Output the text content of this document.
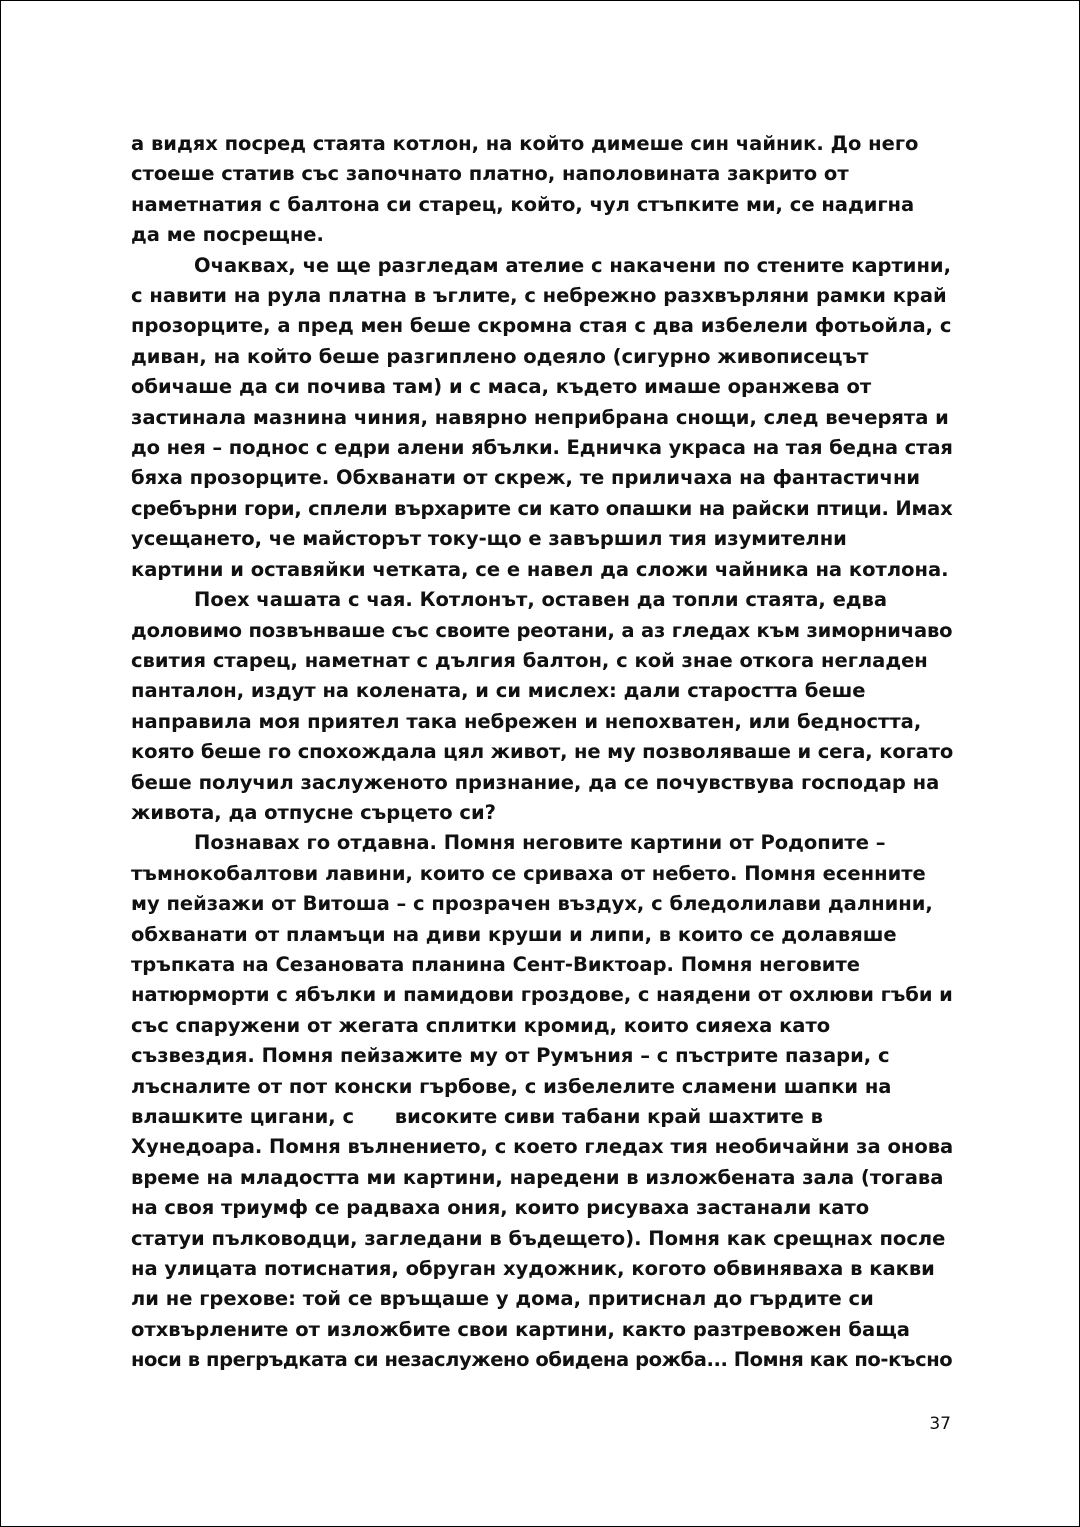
а видях посред стаята котлон, на който димеше син чайник. До него
стоеше статив със започнато платно, наполовината закрито от
наметнатия с балтона си старец, който, чул стъпките ми, се надигна
да ме посрещне.
Очаквах, че ще разгледам ателие с накачени по стените картини,
с навити на рула платна в ъглите, с небрежно разхвърляни рамки край
прозорците, а пред мен беше скромна стая с два избелели фотьойла, с
диван, на който беше разгиплено одеяло (сигурно живописецът
обичаше да си почива там) и с маса, където имаше оранжева от
застинала мазнина чиния, навярно неприбрана снощи, след вечерята и
до нея – поднос с едри алени ябълки. Едничка украса на тая бедна стая
бяха прозорците. Обхванати от скреж, те приличаха на фантастични
сребърни гори, сплели върхарите си като опашки на райски птици. Имах
усещането, че майсторът току-що е завършил тия изумителни
картини и оставяйки четката, се е навел да сложи чайника на котлона.
Поех чашата с чая. Котлонът, оставен да топли стаята, едва
доловимо позвънваше със своите реотани, а аз гледах към зиморничаво
свития старец, наметнат с дългия балтон, с кой знае откога негладен
панталон, издут на колената, и си мислех: дали старостта беше
направила моя приятел така небрежен и непохватен, или бедността,
която беше го спохождала цял живот, не му позволяваше и сега, когато
беше получил заслуженото признание, да се почувствува господар на
живота, да отпусне сърцето си?
Познавах го отдавна. Помня неговите картини от Родопите –
тъмнокобалтови лавини, които се сриваха от небето. Помня есенните
му пейзажи от Витоша – с прозрачен въздух, с бледолилави далнини,
обхванати от пламъци на диви круши и липи, в които се долавяше
тръпката на Сезановата планина Сент-Виктоар. Помня неговите
натюрморти с ябълки и памидови гроздове, с наядени от охлюви гъби и
със спаружени от жегата сплитки кромид, които сияеха като
съзвездия. Помня пейзажите му от Румъния – с пъстрите пазари, с
лъсналите от пот конски гърбове, с избелелите сламени шапки на
влашките цигани, с      високите сиви табани край шахтите в
Хунедоара. Помня вълнението, с което гледах тия необичайни за онова
време на младостта ми картини, наредени в изложбената зала (тогава
на своя триумф се радваха ония, които рисуваха застанали като
статуи пълководци, загледани в бъдещето). Помня как срещнах после
на улицата потиснатия, обруган художник, когото обвиняваха в какви
ли не грехове: той се връщаше у дома, притиснал до гърдите си
отхвърлените от изложбите свои картини, както разтревожен баща
носи в прегръдката си незаслужено обидена рожба... Помня как по-късно
37
